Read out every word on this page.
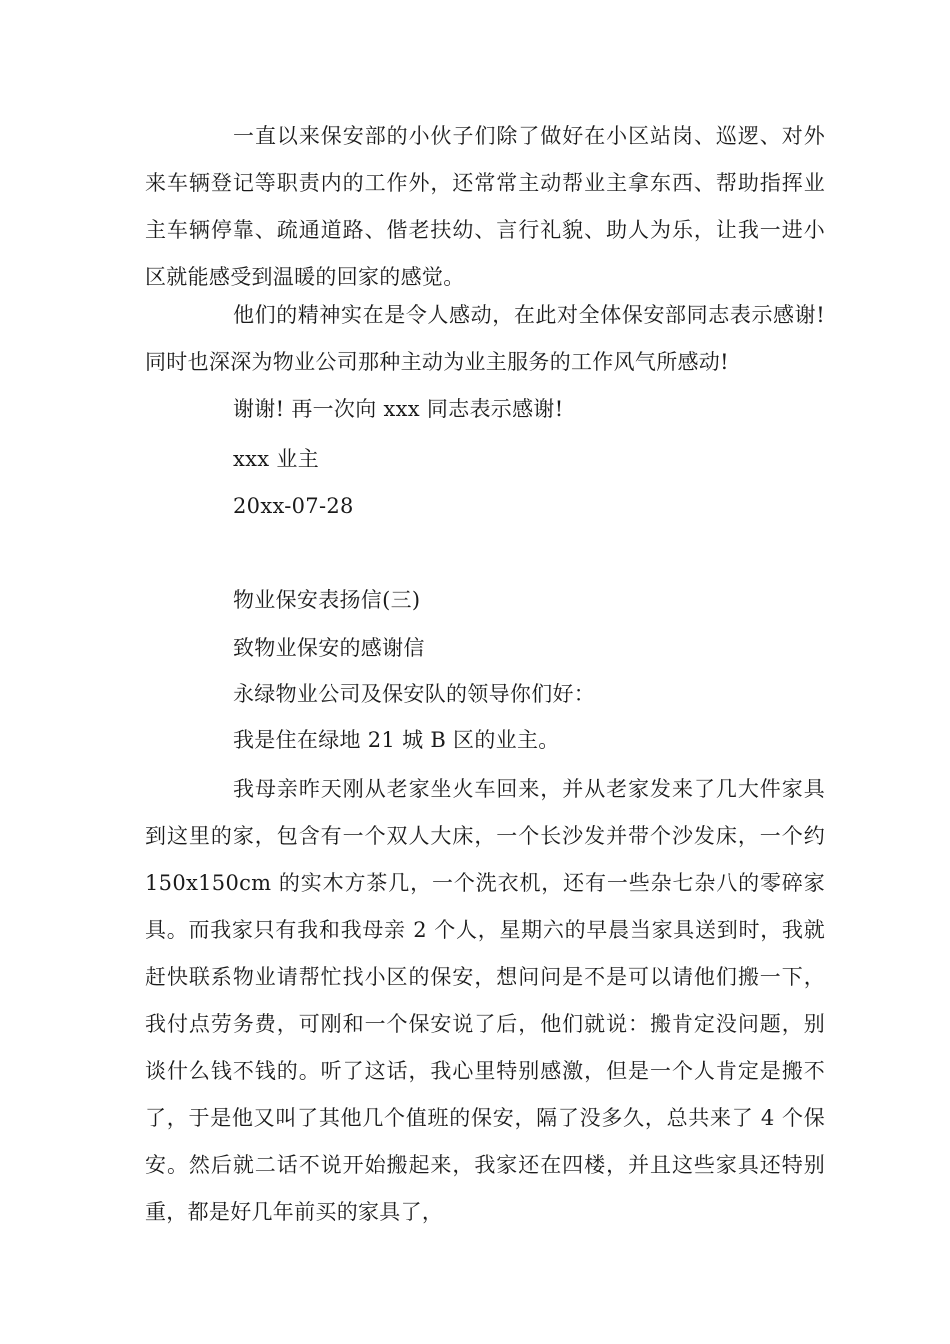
一直以来保安部的小伙子们除了做好在小区站岗、巡逻、对外来车辆登记等职责内的工作外，还常常主动帮业主拿东西、帮助指挥业主车辆停靠、疏通道路、偕老扶幼、言行礼貌、助人为乐，让我一进小区就能感受到温暖的回家的感觉。

他们的精神实在是令人感动，在此对全体保安部同志表示感谢!同时也深深为物业公司那种主动为业主服务的工作风气所感动!

谢谢! 再一次向 xxx 同志表示感谢!

xxx 业主

20xx-07-28

物业保安表扬信(三)

致物业保安的感谢信

永绿物业公司及保安队的领导你们好：

我是住在绿地 21 城 B 区的业主。

我母亲昨天刚从老家坐火车回来，并从老家发来了几大件家具到这里的家，包含有一个双人大床，一个长沙发并带个沙发床，一个约 150x150cm 的实木方茶几，一个洗衣机，还有一些杂七杂八的零碎家具。而我家只有我和我母亲 2 个人，星期六的早晨当家具送到时，我就赶快联系物业请帮忙找小区的保安，想问问是不是可以请他们搬一下，我付点劳务费，可刚和一个保安说了后，他们就说：搬肯定没问题，别谈什么钱不钱的。听了这话，我心里特别感激，但是一个人肯定是搬不了，于是他又叫了其他几个值班的保安，隔了没多久，总共来了 4 个保安。然后就二话不说开始搬起来，我家还在四楼，并且这些家具还特别重，都是好几年前买的家具了，
